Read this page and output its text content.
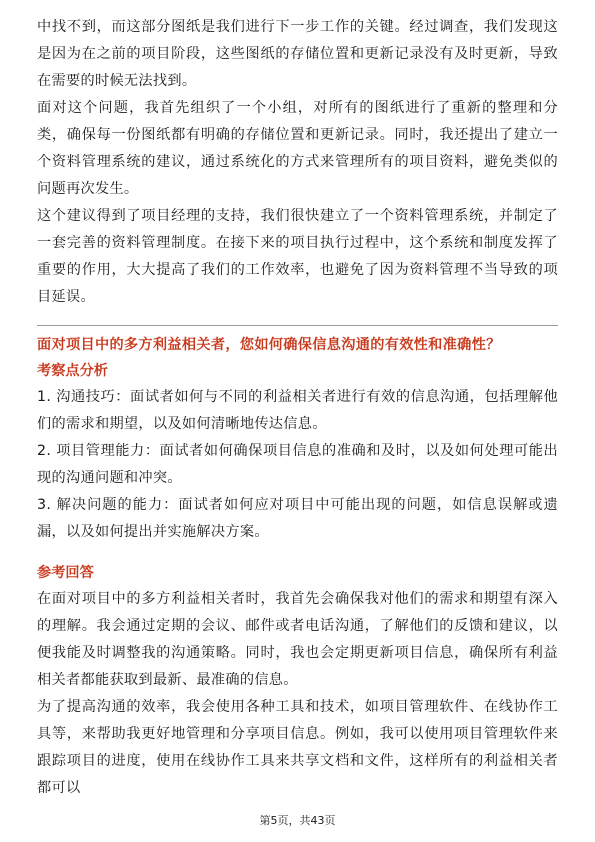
中找不到，而这部分图纸是我们进行下一步工作的关键。经过调查，我们发现这是因为在之前的项目阶段，这些图纸的存储位置和更新记录没有及时更新，导致在需要的时候无法找到。

面对这个问题，我首先组织了一个小组，对所有的图纸进行了重新的整理和分类，确保每一份图纸都有明确的存储位置和更新记录。同时，我还提出了建立一个资料管理系统的建议，通过系统化的方式来管理所有的项目资料，避免类似的问题再次发生。

这个建议得到了项目经理的支持，我们很快建立了一个资料管理系统，并制定了一套完善的资料管理制度。在接下来的项目执行过程中，这个系统和制度发挥了重要的作用，大大提高了我们的工作效率，也避免了因为资料管理不当导致的项目延误。

面对项目中的多方利益相关者，您如何确保信息沟通的有效性和准确性？

考察点分析

1. 沟通技巧：面试者如何与不同的利益相关者进行有效的信息沟通，包括理解他们的需求和期望，以及如何清晰地传达信息。

2. 项目管理能力：面试者如何确保项目信息的准确和及时，以及如何处理可能出现的沟通问题和冲突。

3. 解决问题的能力：面试者如何应对项目中可能出现的问题，如信息误解或遗漏，以及如何提出并实施解决方案。

参考回答

在面对项目中的多方利益相关者时，我首先会确保我对他们的需求和期望有深入的理解。我会通过定期的会议、邮件或者电话沟通，了解他们的反馈和建议，以便我能及时调整我的沟通策略。同时，我也会定期更新项目信息，确保所有利益相关者都能获取到最新、最准确的信息。

为了提高沟通的效率，我会使用各种工具和技术，如项目管理软件、在线协作工具等，来帮助我更好地管理和分享项目信息。例如，我可以使用项目管理软件来跟踪项目的进度，使用在线协作工具来共享文档和文件，这样所有的利益相关者都可以

第5页，共43页
